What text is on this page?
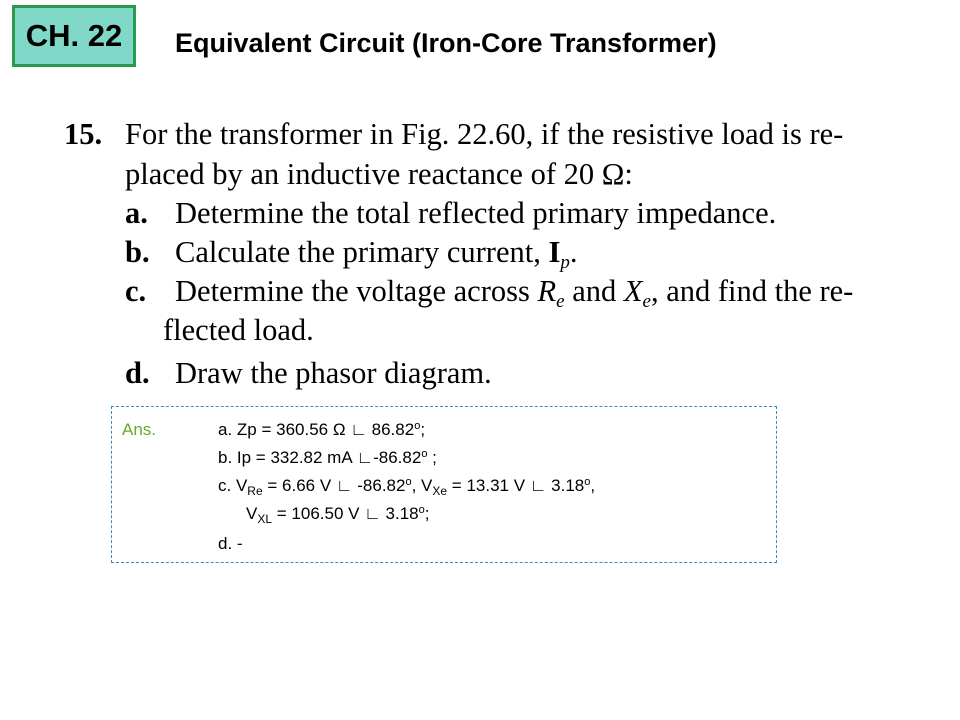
CH. 22	Equivalent Circuit (Iron-Core Transformer)
15. For the transformer in Fig. 22.60, if the resistive load is re-
placed by an inductive reactance of 20 Ω:
a. Determine the total reflected primary impedance.
b. Calculate the primary current, $I_p$.
c. Determine the voltage across $R_e$ and $X_e$, and find the re-
flected load.
d. Draw the phasor diagram.
Ans.	a. Zp = 360.56 Ω ∟ 86.82$^o$;
b. Ip = 332.82 mA ∟-86.82$^o$ ;
c. $V_{Re} = 6.66$ V ∟ -86.82$^o$, $V_{Xe} = 13.31$ V ∟ 3.18$^o$,
$V_{XL} = 106.50$ V ∟ 3.18$^o$;
d. -
